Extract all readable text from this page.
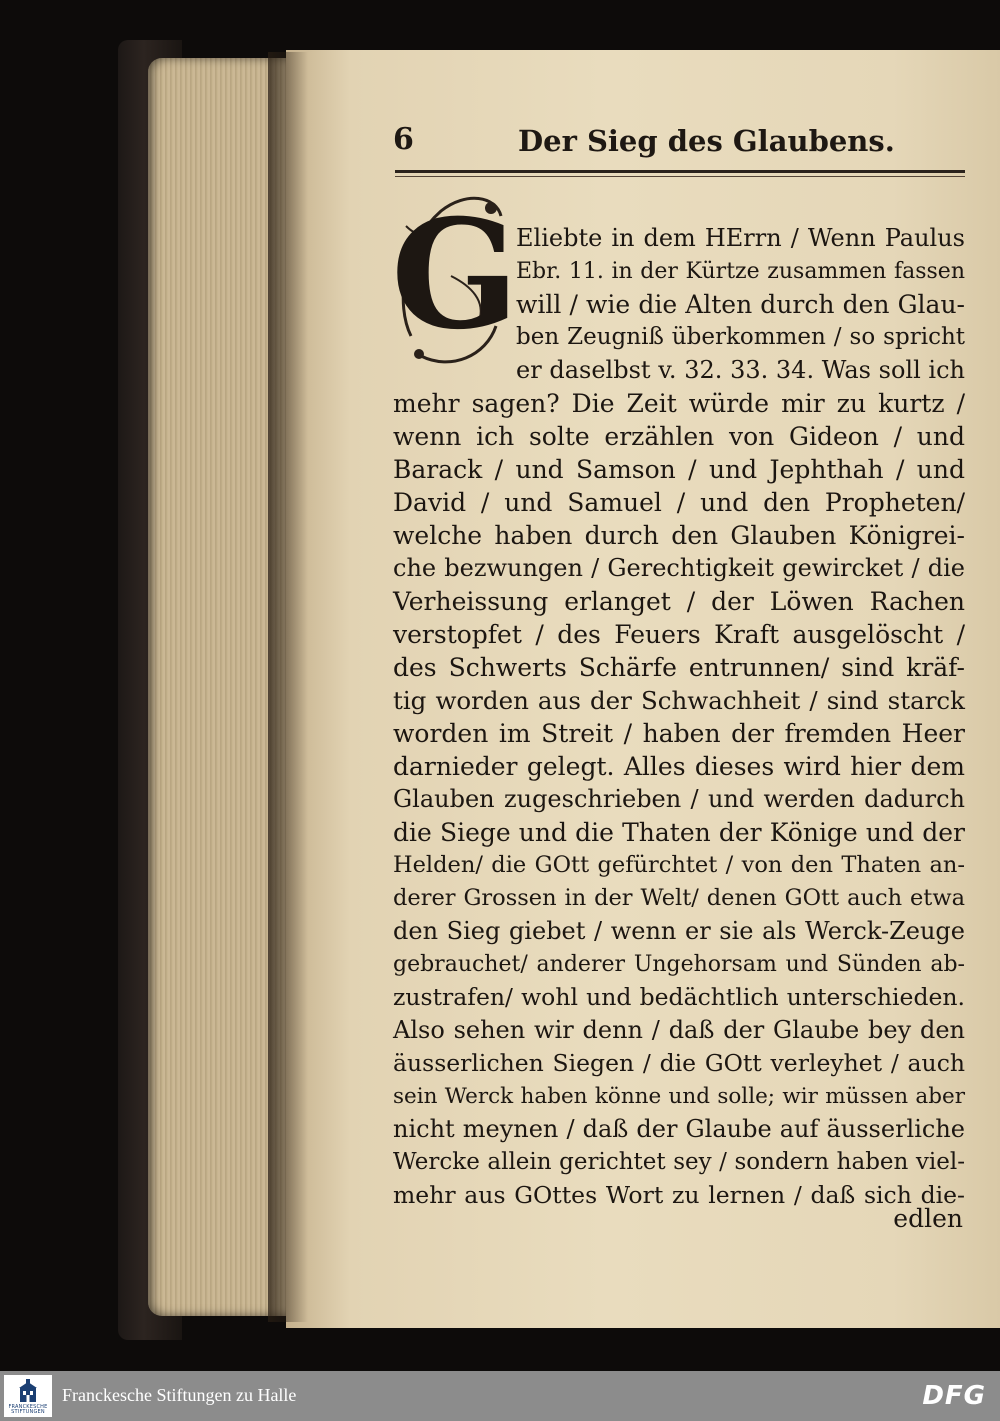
6	Der Sieg des Glaubens.
G
Eliebte in dem HErrn / Wenn Paulus
Ebr. 11. in der Kürtze zusammen fassen
will / wie die Alten durch den Glau-
ben Zeugniß überkommen / so spricht
er daselbst v. 32. 33. 34. Was soll ich
mehr sagen? Die Zeit würde mir zu kurtz /
wenn ich solte erzählen von Gideon / und
Barack / und Samson / und Jephthah / und
David / und Samuel / und den Propheten/
welche haben durch den Glauben Königrei-
che bezwungen / Gerechtigkeit gewircket / die
Verheissung erlanget / der Löwen Rachen
verstopfet / des Feuers Kraft ausgelöscht /
des Schwerts Schärfe entrunnen/ sind kräf-
tig worden aus der Schwachheit / sind starck
worden im Streit / haben der fremden Heer
darnieder gelegt. Alles dieses wird hier dem
Glauben zugeschrieben / und werden dadurch
die Siege und die Thaten der Könige und der
Helden/ die GOtt gefürchtet / von den Thaten an-
derer Grossen in der Welt/ denen GOtt auch etwa
den Sieg giebet / wenn er sie als Werck-Zeuge
gebrauchet/ anderer Ungehorsam und Sünden ab-
zustrafen/ wohl und bedächtlich unterschieden.
Also sehen wir denn / daß der Glaube bey den
äusserlichen Siegen / die GOtt verleyhet / auch
sein Werck haben könne und solle; wir müssen aber
nicht meynen / daß der Glaube auf äusserliche
Wercke allein gerichtet sey / sondern haben viel-
mehr aus GOttes Wort zu lernen / daß sich die-
edlen
FRANCKESCHE STIFTUNGEN
Franckesche Stiftungen zu Halle	DFG
